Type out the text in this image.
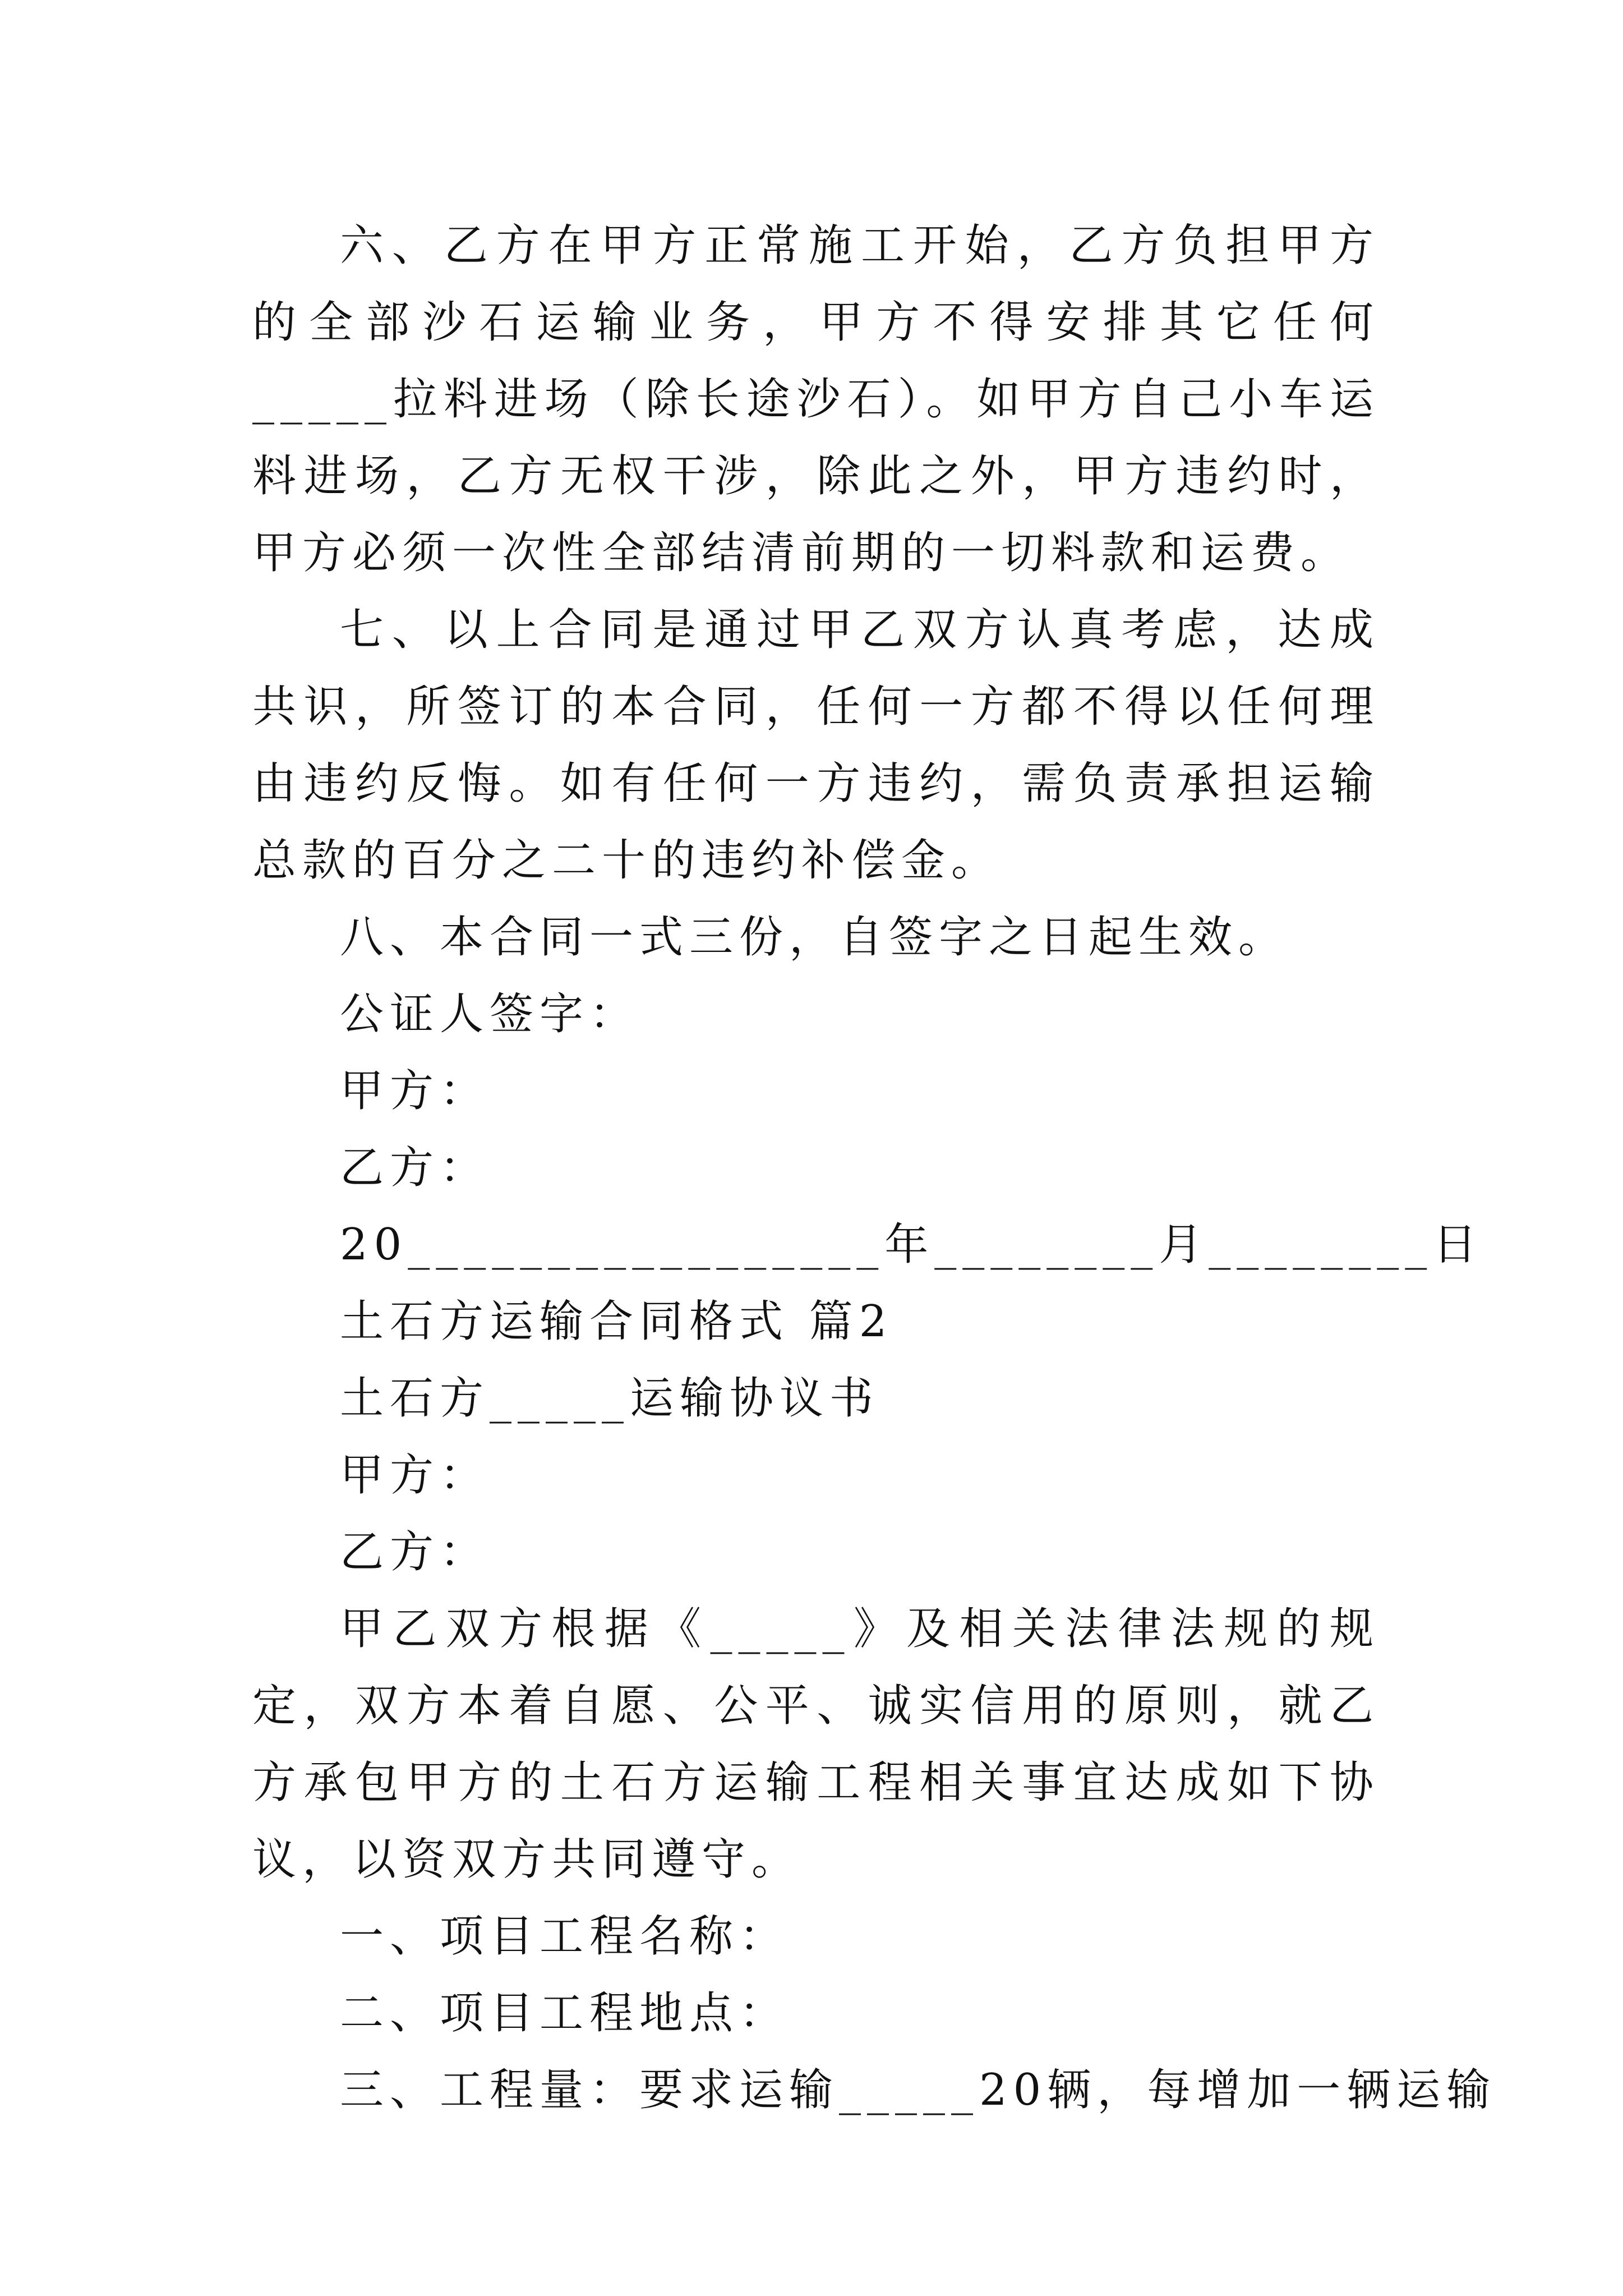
六、乙方在甲方正常施工开始，乙方负担甲方的全部沙石运输业务，甲方不得安排其它任何_____拉料进场（除长途沙石）。如甲方自己小车运料进场，乙方无权干涉，除此之外，甲方违约时，甲方必须一次性全部结清前期的一切料款和运费。

七、以上合同是通过甲乙双方认真考虑，达成共识，所签订的本合同，任何一方都不得以任何理由违约反悔。如有任何一方违约，需负责承担运输总款的百分之二十的违约补偿金。

八、本合同一式三份，自签字之日起生效。

公证人签字：

甲方：

乙方：

20_________________年________月________日

土石方运输合同格式 篇2

土石方_____运输协议书

甲方：

乙方：

甲乙双方根据《_____》及相关法律法规的规定，双方本着自愿、公平、诚实信用的原则，就乙方承包甲方的土石方运输工程相关事宜达成如下协议，以资双方共同遵守。

一、项目工程名称：

二、项目工程地点：

三、工程量：要求运输_____20辆，每增加一辆运输
